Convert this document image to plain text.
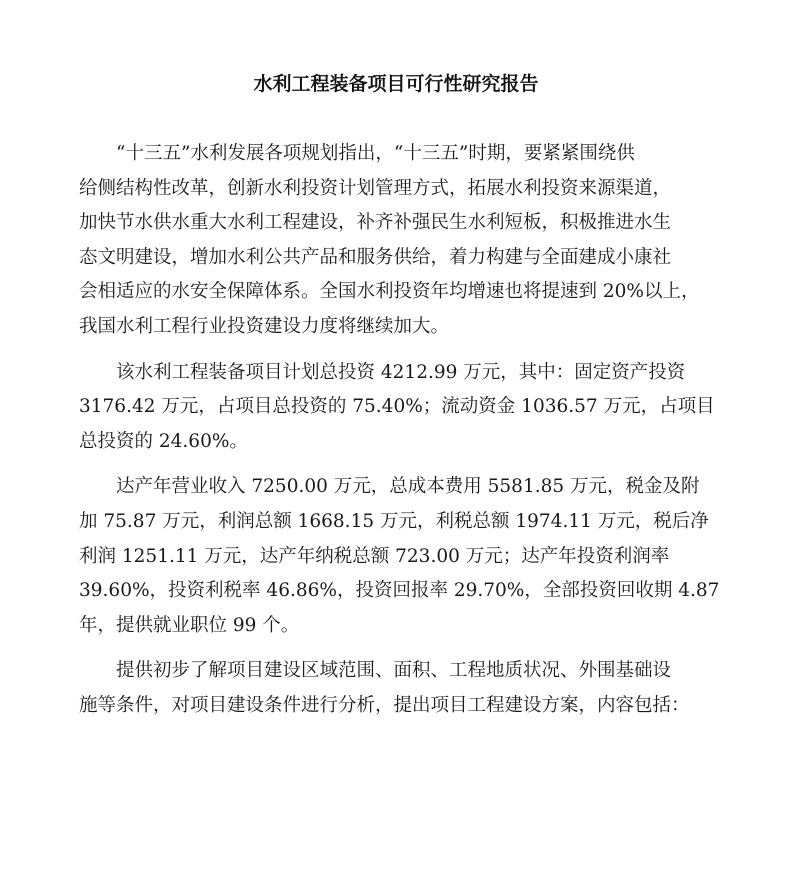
水利工程装备项目可行性研究报告

“十三五”水利发展各项规划指出，“十三五”时期，要紧紧围绕供
给侧结构性改革，创新水利投资计划管理方式，拓展水利投资来源渠道，
加快节水供水重大水利工程建设，补齐补强民生水利短板，积极推进水生
态文明建设，增加水利公共产品和服务供给，着力构建与全面建成小康社
会相适应的水安全保障体系。全国水利投资年均增速也将提速到 20%以上，
我国水利工程行业投资建设力度将继续加大。

该水利工程装备项目计划总投资 4212.99 万元，其中：固定资产投资
3176.42 万元，占项目总投资的 75.40%；流动资金 1036.57 万元，占项目
总投资的 24.60%。

达产年营业收入 7250.00 万元，总成本费用 5581.85 万元，税金及附
加 75.87 万元，利润总额 1668.15 万元，利税总额 1974.11 万元，税后净
利润 1251.11 万元，达产年纳税总额 723.00 万元；达产年投资利润率
39.60%，投资利税率 46.86%，投资回报率 29.70%，全部投资回收期 4.87
年，提供就业职位 99 个。

提供初步了解项目建设区域范围、面积、工程地质状况、外围基础设
施等条件，对项目建设条件进行分析，提出项目工程建设方案，内容包括：
